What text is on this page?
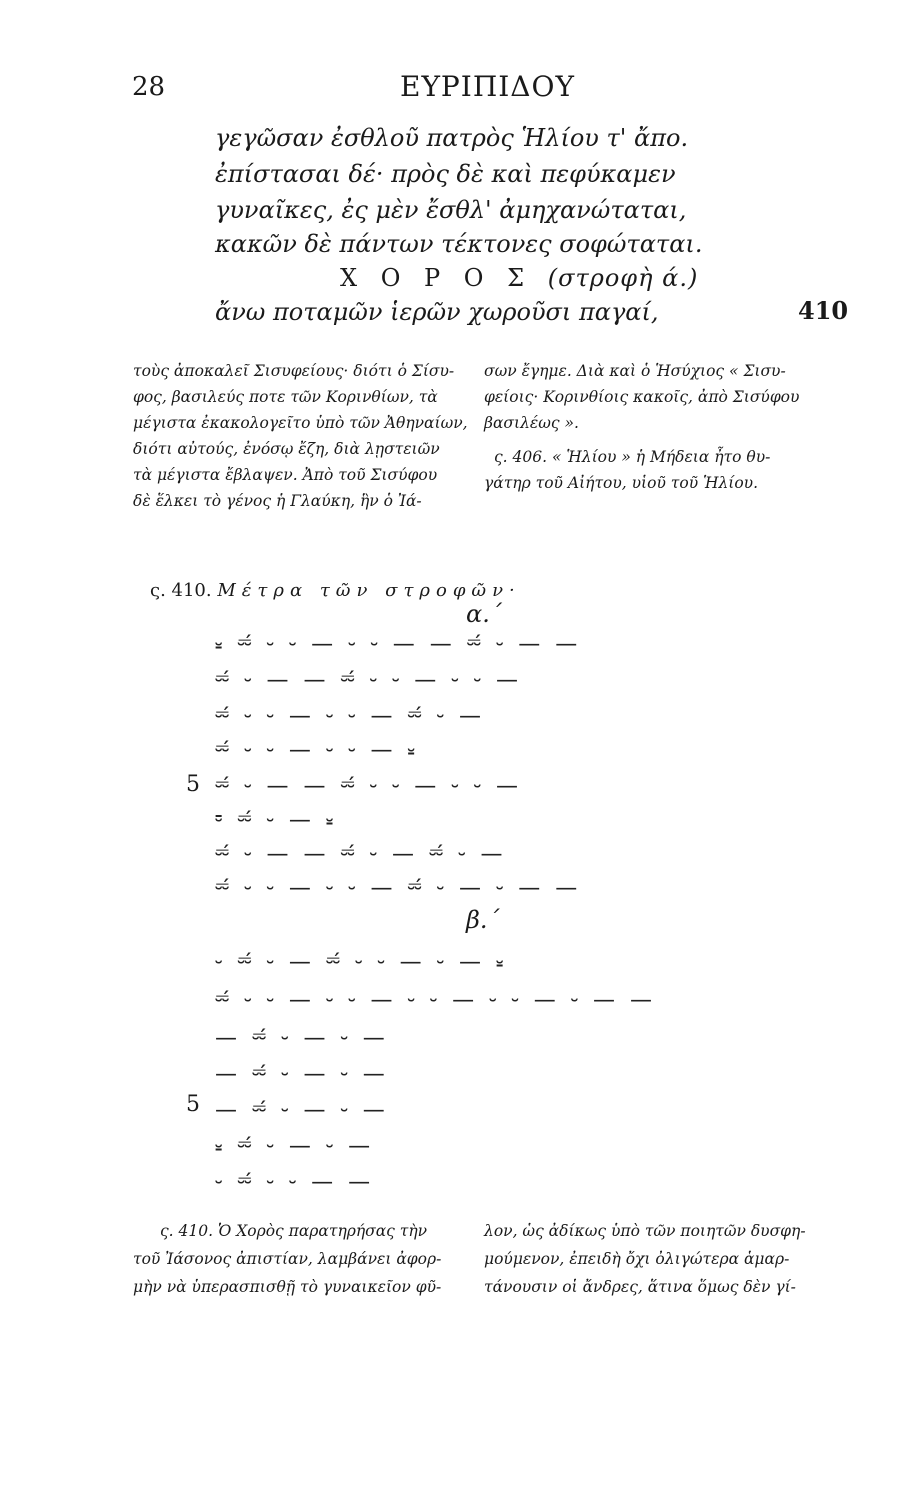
28	ΕΥΡΙΠΙΔΟΥ
γεγῶσαν ἐσθλοῦ πατρὸς Ἡλίου τ' ἄπο.
ἐπίστασαι δέ· πρὸς δὲ καὶ πεφύκαμεν
γυναῖκες, ἐς μὲν ἔσθλ' ἀμηχανώταται,
κακῶν δὲ πάντων τέκτονες σοφώταται.
Χ Ο Ρ Ο Σ (στροφὴ ά.)
ἄνω ποταμῶν ἱερῶν χωροῦσι παγαί,	410
τοὺς ἀποκαλεῖ Σισυφείους· διότι ὁ Σίσυ-
φος, βασιλεύς ποτε τῶν Κορινθίων, τὰ
μέγιστα ἐκακολογεῖτο ὑπὸ τῶν Ἀθηναίων,
διότι αὐτούς, ἐνόσῳ ἔζη, διὰ λῃστειῶν
τὰ μέγιστα ἔβλαψεν. Ἀπὸ τοῦ Σισύφου
δὲ ἕλκει τὸ γένος ἡ Γλαύκη, ἣν ὁ Ἰά-
σων ἔγημε. Διὰ καὶ ὁ Ἡσύχιος « Σισυ-
φείοις· Κορινθίοις κακοῖς, ἀπὸ Σισύφου
βασιλέως ».
ς. 406. « Ἡλίου » ἡ Μήδεια ἦτο θυ-
γάτηρ τοῦ Αἰήτου, υἱοῦ τοῦ Ἡλίου.
ς. 410. Μέτρα τῶν στροφῶν·
α.´
⏓ ⏔́ ⏑ ⏑ — ⏑ ⏑ — — ⏔́ ⏑ — —
⏔́ ⏑ — — ⏔́ ⏑ ⏑ — ⏑ ⏑ —
⏔́ ⏑ ⏑ — ⏑ ⏑ — ⏔́ ⏑ —
⏔́ ⏑ ⏑ — ⏑ ⏑ — ⏓
5 ⏔́ ⏑ — — ⏔́ ⏑ ⏑ — ⏑ ⏑ —
⏒ ⏔́ ⏑ — ⏓
⏔́ ⏑ — — ⏔́ ⏑ — ⏔́ ⏑ —
⏔́ ⏑ ⏑ — ⏑ ⏑ — ⏔́ ⏑ — ⏑ — —
β.´
⏑ ⏔́ ⏑ — ⏔́ ⏑ ⏑ — ⏑ — ⏓
⏔́ ⏑ ⏑ — ⏑ ⏑ — ⏑ ⏑ — ⏑ ⏑ — ⏑ — —
— ⏔́ ⏑ — ⏑ —
— ⏔́ ⏑ — ⏑ —
5 — ⏔́ ⏑ — ⏑ —
⏓ ⏔́ ⏑ — ⏑ —
⏑ ⏔́ ⏑ ⏑ — —
ς. 410. Ὁ Χορὸς παρατηρήσας τὴν
τοῦ Ἰάσονος ἀπιστίαν, λαμβάνει ἀφορ-
μὴν νὰ ὑπερασπισθῇ τὸ γυναικεῖον φῦ-
λον, ὡς ἀδίκως ὑπὸ τῶν ποιητῶν δυσφη-
μούμενον, ἐπειδὴ ὄχι ὀλιγώτερα ἁμαρ-
τάνουσιν οἱ ἄνδρες, ἅτινα ὅμως δὲν γί-
